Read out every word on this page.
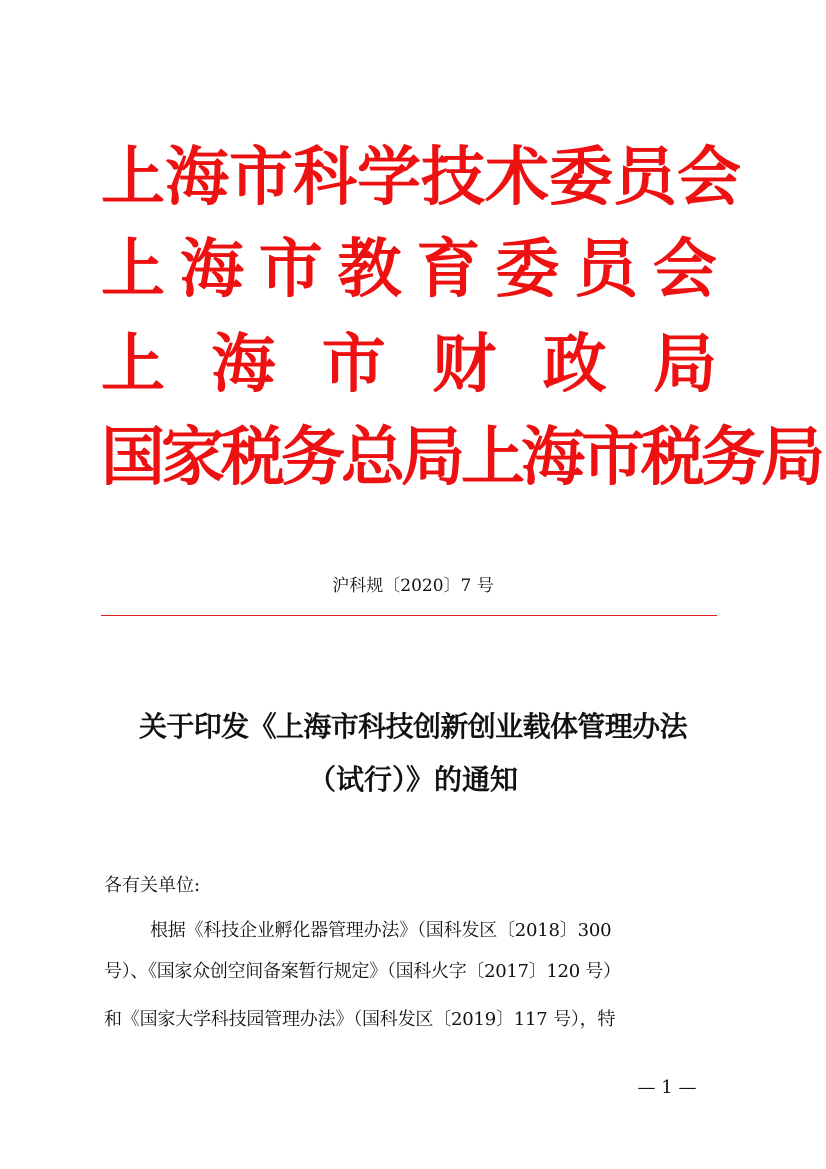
上 海 市 科 学 技 术 委 员 会
上 海 市 教 育 委 员 会
上 海 市 财 政 局
国家税务总局上海市税务局
沪科规〔2020〕7 号
关于印发《上海市科技创新创业载体管理办法
（试行）》的通知
各有关单位:
根据《科技企业孵化器管理办法》（国科发区〔2018〕300
号）、《国家众创空间备案暂行规定》（国科火字〔2017〕120 号）
和《国家大学科技园管理办法》（国科发区〔2019〕117 号），特
— 1 —
